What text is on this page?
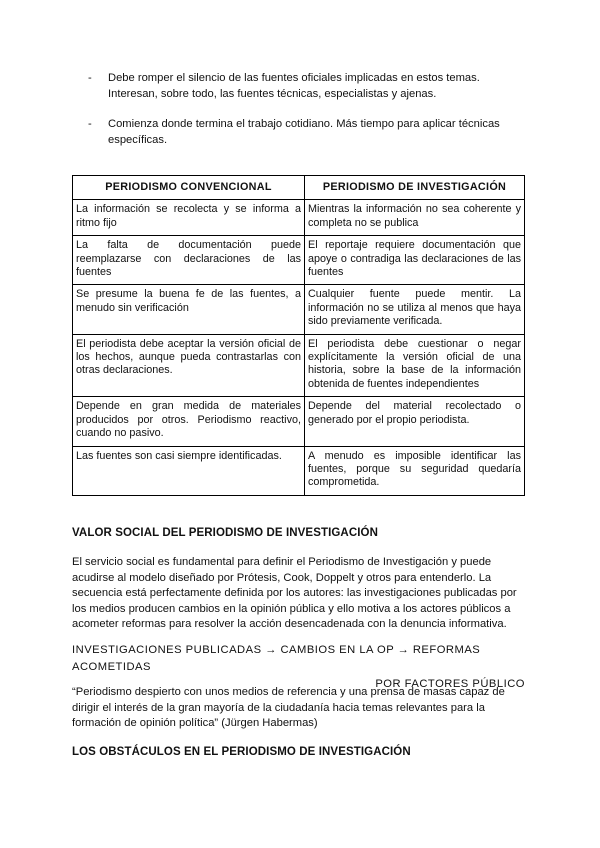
-	Debe romper el silencio de las fuentes oficiales implicadas en estos temas. Interesan, sobre todo, las fuentes técnicas, especialistas y ajenas.
-	Comienza donde termina el trabajo cotidiano. Más tiempo para aplicar técnicas específicas.
PERIODISMO CONVENCIONAL	PERIODISMO DE INVESTIGACIÓN
La información se recolecta y se informa a ritmo fijo	Mientras la información no sea coherente y completa no se publica
La falta de documentación puede reemplazarse con declaraciones de las fuentes	El reportaje requiere documentación que apoye o contradiga las declaraciones de las fuentes
Se presume la buena fe de las fuentes, a menudo sin verificación	Cualquier fuente puede mentir. La información no se utiliza al menos que haya sido previamente verificada.
El periodista debe aceptar la versión oficial de los hechos, aunque pueda contrastarlas con otras declaraciones.	El periodista debe cuestionar o negar explícitamente la versión oficial de una historia, sobre la base de la información obtenida de fuentes independientes
Depende en gran medida de materiales producidos por otros. Periodismo reactivo, cuando no pasivo.	Depende del material recolectado o generado por el propio periodista.
Las fuentes son casi siempre identificadas.	A menudo es imposible identificar las fuentes, porque su seguridad quedaría comprometida.
VALOR SOCIAL DEL PERIODISMO DE INVESTIGACIÓN
El servicio social es fundamental para definir el Periodismo de Investigación y puede acudirse al modelo diseñado por Prótesis, Cook, Doppelt y otros para entenderlo. La secuencia está perfectamente definida por los autores: las investigaciones publicadas por los medios producen cambios en la opinión pública y ello motiva a los actores públicos a acometer reformas para resolver la acción desencadenada con la denuncia informativa.
INVESTIGACIONES PUBLICADAS → CAMBIOS EN LA OP → REFORMAS ACOMETIDAS
POR FACTORES PÚBLICO
“Periodismo despierto con unos medios de referencia y una prensa de masas capaz de dirigir el interés de la gran mayoría de la ciudadanía hacia temas relevantes para la formación de opinión política” (Jürgen Habermas)
LOS OBSTÁCULOS EN EL PERIODISMO DE INVESTIGACIÓN
